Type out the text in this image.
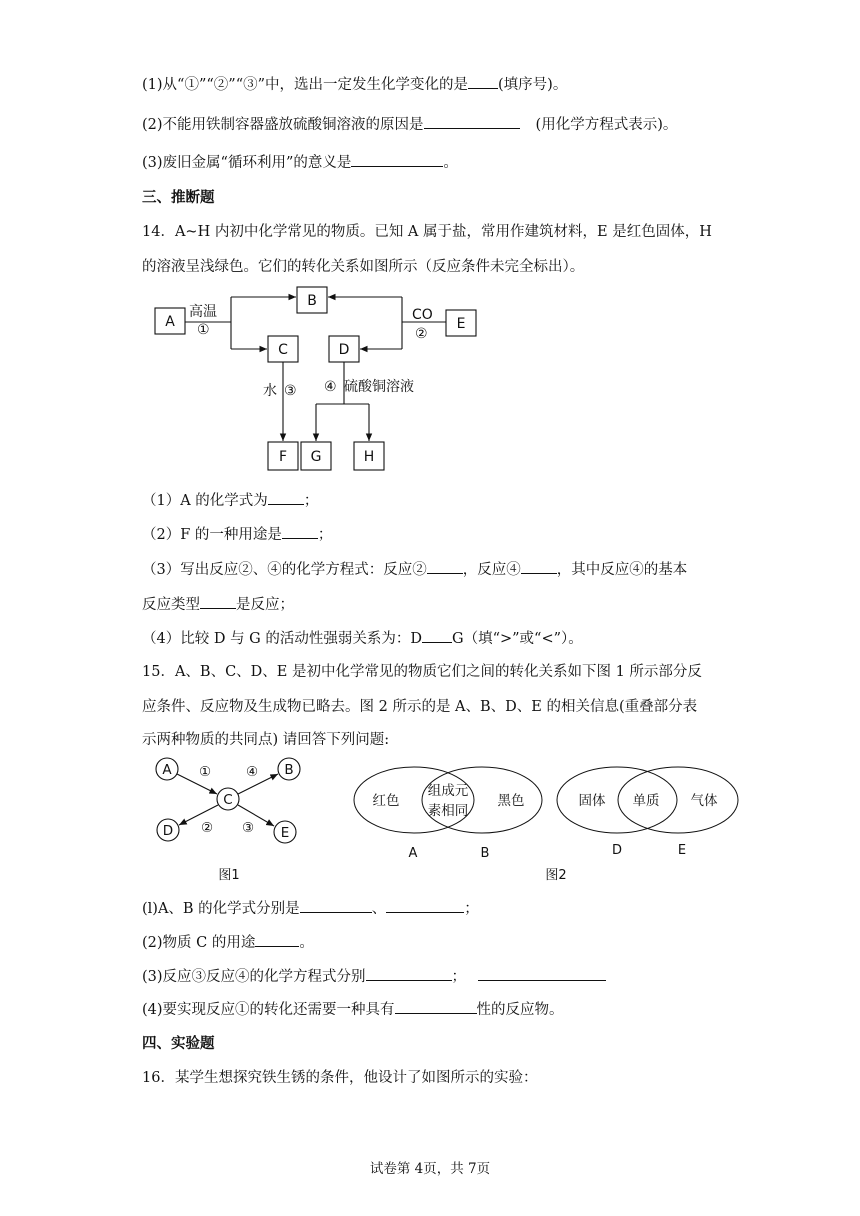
(1)从“①”“②”“③”中，选出一定发生化学变化的是 (填序号)。
(2)不能用铁制容器盛放硫酸铜溶液的原因是	(用化学方程式表示)。
(3)废旧金属“循环利用”的意义是	。
三、推断题
14．A~H 内初中化学常见的物质。已知 A 属于盐，常用作建筑材料，E 是红色固体，H
的溶液呈浅绿色。它们的转化关系如图所示（反应条件未完全标出）。
A
B
C	D
E
F G	H
高温
①
CO
②
水 ③ ④ 硫酸铜溶液
（1）A 的化学式为 ；
（2）F 的一种用途是 ；
（3）写出反应②、④的化学方程式：反应② ，反应④ ，其中反应④的基本
反应类型 是反应；
（4）比较 D 与 G 的活动性强弱关系为：D G（填“>”或“<”）。
15．A、B、C、D、E 是初中化学常见的物质它们之间的转化关系如下图 1 所示部分反
应条件、反应物及生成物已略去。图 2 所示的是 A、B、D、E 的相关信息(重叠部分表
示两种物质的共同点) 请回答下列问题:
A
C
B
D	E
①	④
② ③
图1
红色
组成元
素相同
黑色
A	B
固体 单质 气体
D	E
图2
(l)A、B 的化学式分别是	、	；
(2)物质 C 的用途	。
(3)反应③反应④的化学方程式分别	；
(4)要实现反应①的转化还需要一种具有	性的反应物。
四、实验题
16．某学生想探究铁生锈的条件，他设计了如图所示的实验：
试卷第 4页，共 7页
